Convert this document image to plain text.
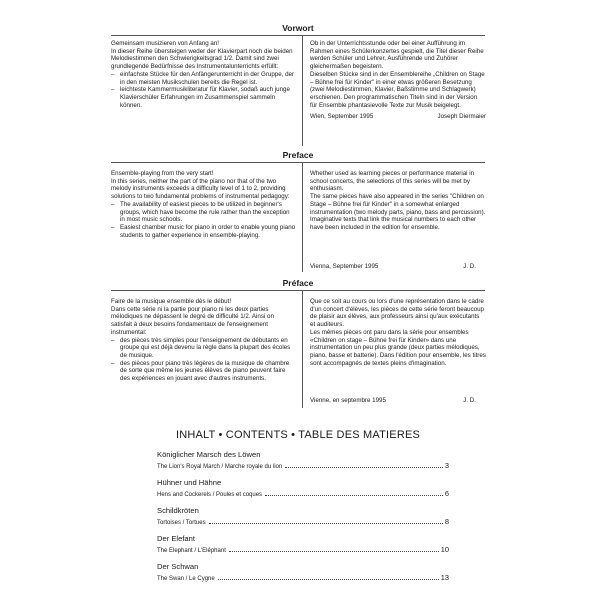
Vorwort

Gemeinsam musizieren von Anfang an!

In dieser Reihe übersteigen weder der Klavierpart noch die beiden Melodiestimmen den Schwierigkeitsgrad 1/2. Damit sind zwei grundlegende Bedürfnisse des Instrumentalunterrichts erfüllt:

– einfachste Stücke für den Anfängerunterricht in der Gruppe, der in den meisten Musikschulen bereits die Regel ist.
– leichteste Kammermusikliteratur für Klavier, sodaß auch junge Klavierschüler Erfahrungen im Zusammenspiel sammeln können.

Ob in der Unterrichtsstunde oder bei einer Aufführung im Rahmen eines Schülerkonzertes gespielt, die Titel dieser Reihe werden Schüler und Lehrer, Ausführende und Zuhörer gleichermaßen begeistern.

Dieselben Stücke sind in der Ensemblereihe „Children on Stage – Bühne frei für Kinder" in einer etwas größeren Besetzung (zwei Melodiestimmen, Klavier, Baßstimme und Schlagwerk) erschienen. Den programmatischen Titeln sind in der Version für Ensemble phantasievolle Texte zur Musik beigelegt.

Wien, September 1995	Joseph Diermaier
Preface

Ensemble-playing from the very start!

In this series, neither the part of the piano nor that of the two melody instruments exceeds a difficulty level of 1 to 2, providing solutions to two fundamental problems of instrumental pedagogy:

– The availability of easiest pieces to be utilized in beginner's groups, which have become the rule rather than the exception in most music schools.
– Easiest chamber music for piano in order to enable young piano students to gather experience in ensemble-playing.

Whether used as learning pieces or performance material in school concerts, the selections of this series will be met by enthusiasm.

The same pieces have also appeared in the series "Children on Stage – Bühne frei für Kinder" in a somewhat enlarged instrumentation (two melody parts, piano, bass and percussion). Imaginative texts that link the musical numbers to each other have been included in the edition for ensemble.

Vienna, September 1995	J. D.
Préface

Faire de la musique ensemble dès le début!

Dans cette série ni la partie pour piano ni les deux parties mélodiques ne dépassent le degré de difficulté 1/2. Ainsi on satisfait à deux besoins fondamentaux de l'enseignement instrumental:

– des pièces très simples pour l'enseignement de débutants en groupe qui est déjà devenu la règle dans la plupart des écoles de musique.
– des pièces pour piano très légères de la musique de chambre de sorte que même les jeunes élèves de piano peuvent faire des expériences en jouant avec d'autres instruments.

Que ce soit au cours ou lors d'une représentation dans le cadre d'un concert d'élèves, les pièces de cette série feront beaucoup de plaisir aux élèves, aux professeurs ainsi qu'aux exécutants et auditeurs.

Les mêmes pièces ont paru dans la série pour ensembles «Children on stage – Bühne frei für Kinder» dans une instrumentation un peu plus grande (deux parties mélodiques, piano, basse et batterie). Dans l'édition pour ensemble, les titres sont accompagnés de textes pleins d'imagination.

Vienne, en septembre 1995	J. D.
INHALT • CONTENTS • TABLE DES MATIERES
Königlicher Marsch des Löwen
The Lion's Royal March / Marche royale du lion	3
Hühner und Hähne
Hens and Cockerels / Poules et coques	6
Schildkröten
Tortoises / Tortues	8
Der Elefant
The Elephant / L'Eléphant	10
Der Schwan
The Swan / Le Cygne	13
